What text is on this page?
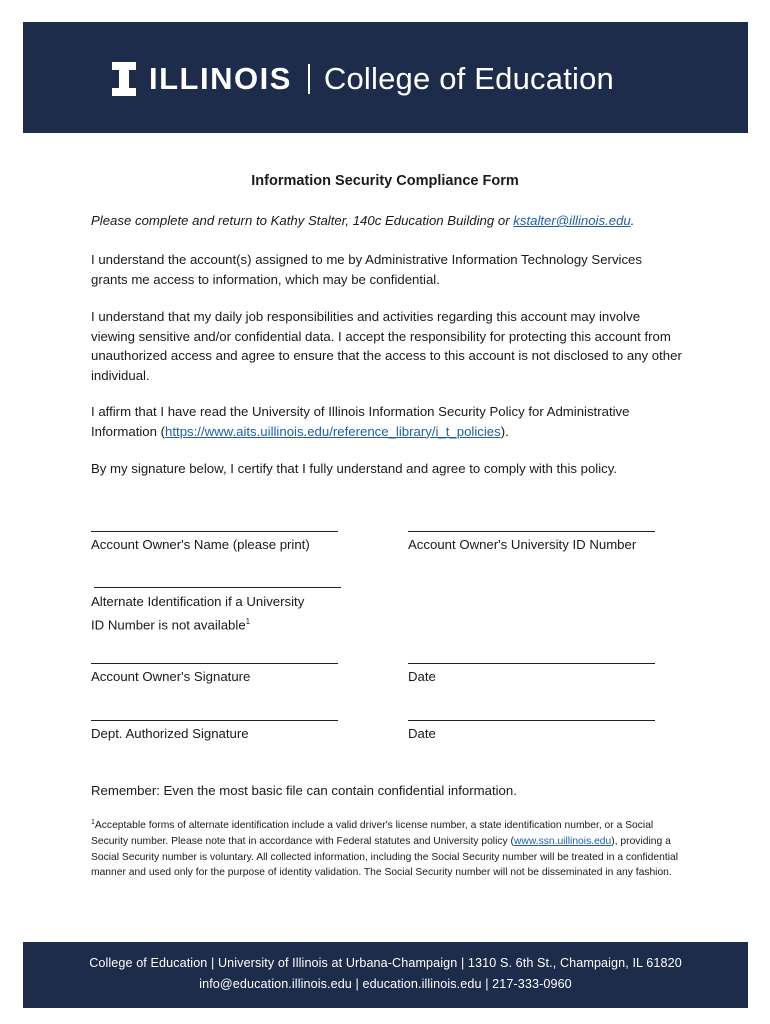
ILLINOIS College of Education
Information Security Compliance Form
Please complete and return to Kathy Stalter, 140c Education Building or kstalter@illinois.edu.
I understand the account(s) assigned to me by Administrative Information Technology Services grants me access to information, which may be confidential.
I understand that my daily job responsibilities and activities regarding this account may involve viewing sensitive and/or confidential data. I accept the responsibility for protecting this account from unauthorized access and agree to ensure that the access to this account is not disclosed to any other individual.
I affirm that I have read the University of Illinois Information Security Policy for Administrative Information (https://www.aits.uillinois.edu/reference_library/i_t_policies).
By my signature below, I certify that I fully understand and agree to comply with this policy.
Account Owner's Name (please print)	Account Owner's University ID Number
Alternate Identification if a University
ID Number is not available$^1$
Account Owner's Signature	Date
Dept. Authorized Signature	Date
Remember: Even the most basic file can contain confidential information.
$^1$Acceptable forms of alternate identification include a valid driver's license number, a state identification number, or a Social Security number. Please note that in accordance with Federal statutes and University policy (www.ssn.uillinois.edu), providing a Social Security number is voluntary. All collected information, including the Social Security number will be treated in a confidential manner and used only for the purpose of identity validation. The Social Security number will not be disseminated in any fashion.
College of Education | University of Illinois at Urbana-Champaign | 1310 S. 6th St., Champaign, IL 61820
info@education.illinois.edu | education.illinois.edu | 217-333-0960
